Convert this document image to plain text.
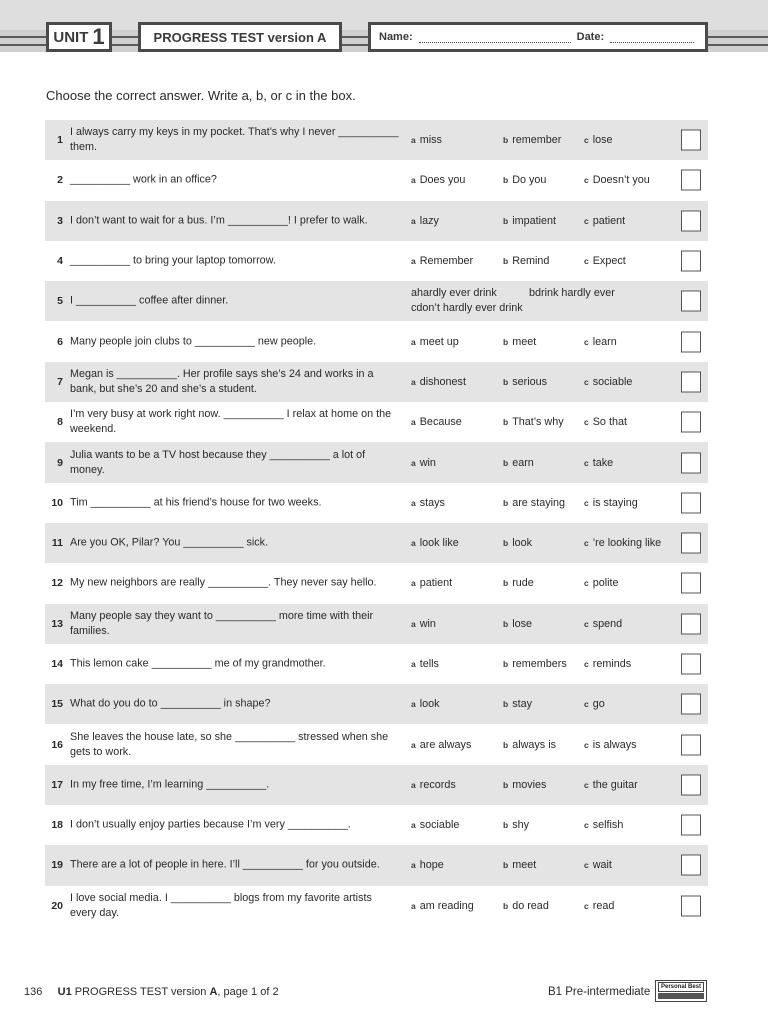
UNIT 1	PROGRESS TEST version A	Name:	Date:
Choose the correct answer. Write a, b, or c in the box.
1
I always carry my keys in my pocket. That’s why I never __________ them.
a miss	b remember	c lose
2 __________ work in an office?	a Does you	b Do you	c Doesn’t you
3 I don’t want to wait for a bus. I’m __________! I prefer to walk.	a lazy	b impatient	c patient
4 __________ to bring your laptop tomorrow.	a Remember	b Remind	c Expect
5 I __________ coffee after dinner.
ahardly ever drink	bdrink hardly ever
cdon’t hardly ever drink
6 Many people join clubs to __________ new people.	a meet up	b meet	c learn
7
Megan is __________. Her profile says she’s 24 and works in a bank, but she’s 20 and she’s a student.
a dishonest	b serious	c sociable
8
I’m very busy at work right now. __________ I relax at home on the weekend.
a Because	b That’s why c So that
9
Julia wants to be a TV host because they __________ a lot of money.
a win	b earn	c take
10 Tim __________ at his friend’s house for two weeks.	a stays	b are staying c is staying
11 Are you OK, Pilar? You __________ sick.	a look like	b look	c ’re looking like
12 My new neighbors are really __________. They never say hello.	a patient	b rude	c polite
13
Many people say they want to __________ more time with their families.
a win	b lose	c spend
14 This lemon cake __________ me of my grandmother.	a tells	b remembers c reminds
15 What do you do to __________ in shape?	a look	b stay	c go
16
She leaves the house late, so she __________ stressed when she gets to work.
a are always	b always is	c is always
17 In my free time, I’m learning __________.	a records	b movies	c the guitar
18 I don’t usually enjoy parties because I’m very __________.	a sociable	b shy	c selfish
19 There are a lot of people in here. I’ll __________ for you outside.	a hope	b meet	c wait
20
I love social media. I __________ blogs from my favorite artists every day.
a am reading	b do read	c read
136 U1 PROGRESS TEST version A, page 1 of 2	B1 Pre-intermediate	Personal Best
